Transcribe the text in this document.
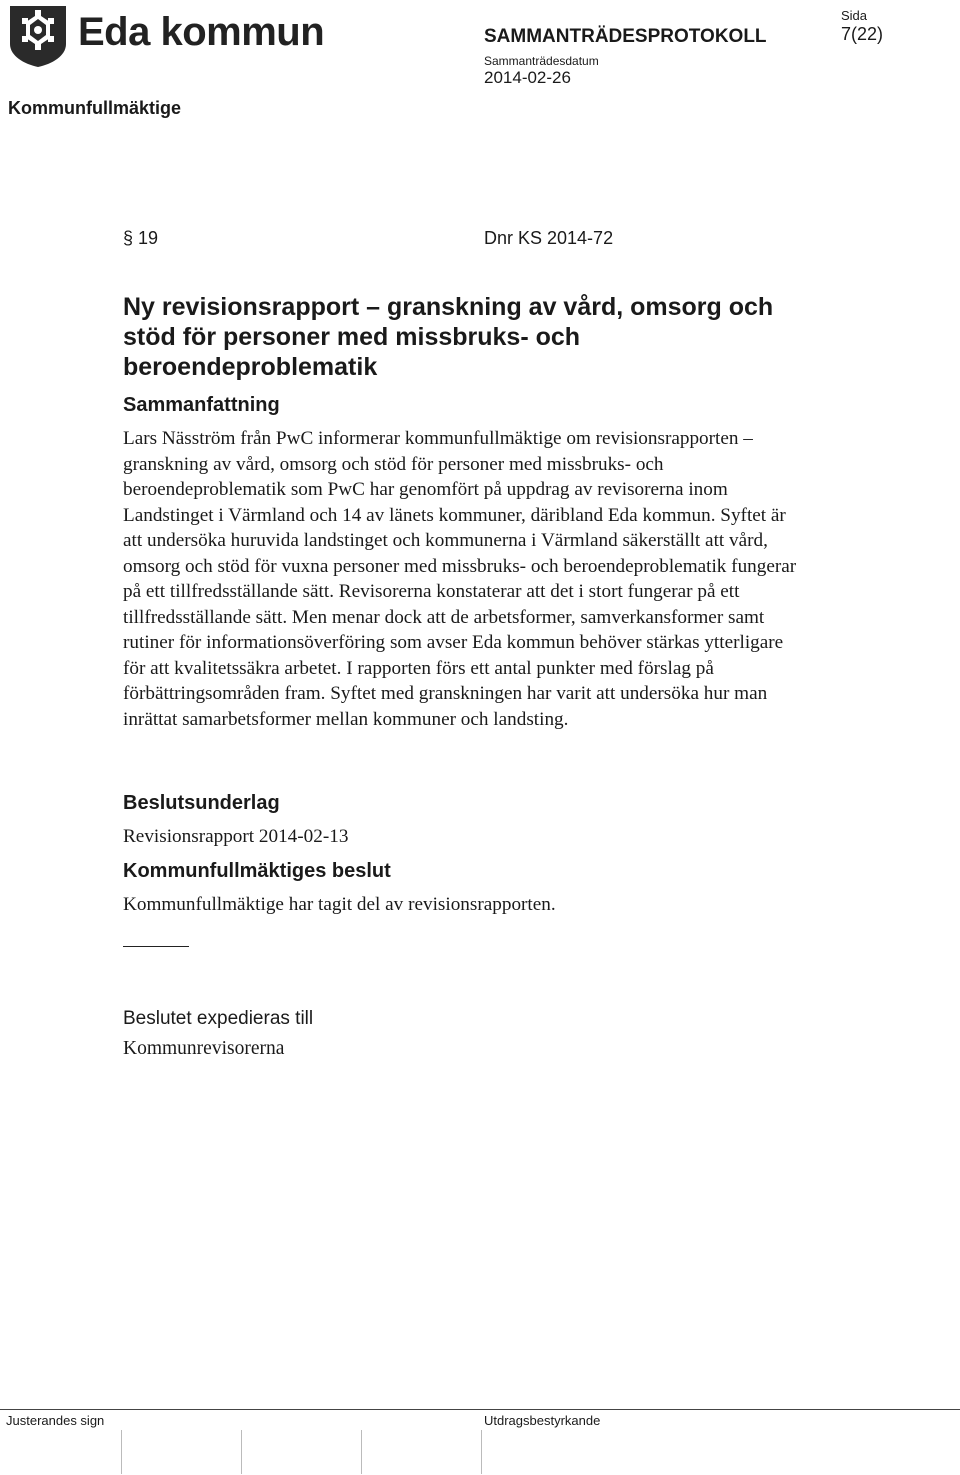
Eda kommun
Kommunfullmäktige
SAMMANTRÄDESPROTOKOLL
Sammanträdesdatum
2014-02-26
Sida
7(22)
§ 19	Dnr KS 2014-72
Ny revisionsrapport – granskning av vård, omsorg och stöd för personer med missbruks- och beroendeproblematik
Sammanfattning
Lars Näsström från PwC informerar kommunfullmäktige om revisionsrapporten – granskning av vård, omsorg och stöd för personer med missbruks- och beroendeproblematik som PwC har genomfört på uppdrag av revisorerna inom Landstinget i Värmland och 14 av länets kommuner, däribland Eda kommun. Syftet är att undersöka huruvida landstinget och kommunerna i Värmland säkerställt att vård, omsorg och stöd för vuxna personer med missbruks- och beroendeproblematik fungerar på ett tillfredsställande sätt. Revisorerna konstaterar att det i stort fungerar på ett tillfredsställande sätt. Men menar dock att de arbetsformer, samverkansformer samt rutiner för informationsöverföring som avser Eda kommun behöver stärkas ytterligare för att kvalitetssäkra arbetet. I rapporten förs ett antal punkter med förslag på förbättringsområden fram. Syftet med granskningen har varit att undersöka hur man inrättat samarbetsformer mellan kommuner och landsting.
Beslutsunderlag
Revisionsrapport 2014-02-13
Kommunfullmäktiges beslut
Kommunfullmäktige har tagit del av revisionsrapporten.
Beslutet expedieras till
Kommunrevisorerna
Justerandes sign	Utdragsbestyrkande
